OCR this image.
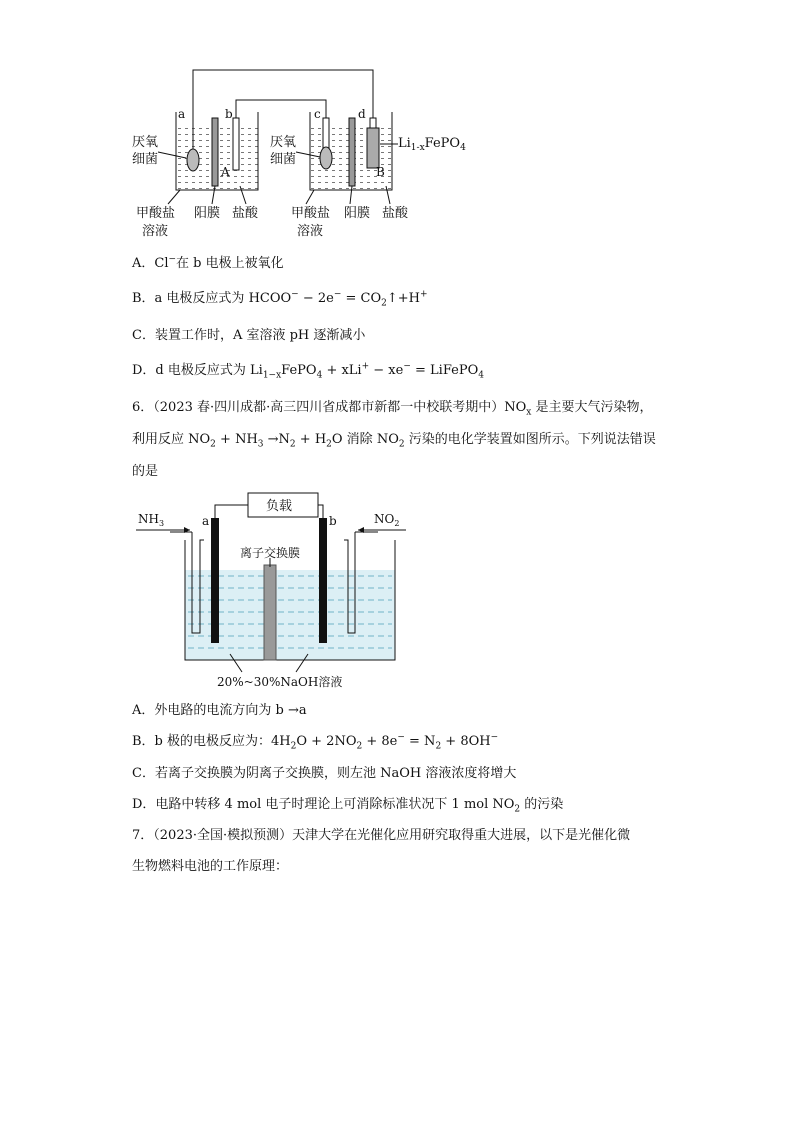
a	b	c	d
A	B
厌氧
细菌
厌氧
细菌
$Li_{1-x}FePO_4$
甲酸盐
溶液
阳膜 盐酸	甲酸盐
溶液
阳膜 盐酸
A．Cl−在 b 电极上被氧化
B．a 电极反应式为 HCOO− − $2e^- = CO_2↑+H^+$
C．装置工作时，A 室溶液 pH 逐渐减小
D．d 电极反应式为 $Li_{1-x}FePO_4 + xLi^+ - xe^-$ = LiFePO$_4$
6．（2023 春·四川成都·高三四川省成都市新都一中校联考期中）$NO_x$ 是主要大气污染物，
利用反应 $NO_2 + NH_3 \to N_2 + H_2O$ 消除 $NO_2$ 污染的电化学装置如图所示。下列说法错误
的是
$NH_3$	$NO_2$
a	b
负载
离子交换膜
20%~30%NaOH溶液
A．外电路的电流方向为 b →a
B．b 极的电极反应为：$4H_2O + 2NO_2 + 8e^- = N_2 + 8OH^-$
C．若离子交换膜为阴离子交换膜，则左池 NaOH 溶液浓度将增大
D．电路中转移 4 mol 电子时理论上可消除标准状况下 1 mol $NO_2$ 的污染
7．（2023·全国·模拟预测）天津大学在光催化应用研究取得重大进展，以下是光催化微
生物燃料电池的工作原理：
